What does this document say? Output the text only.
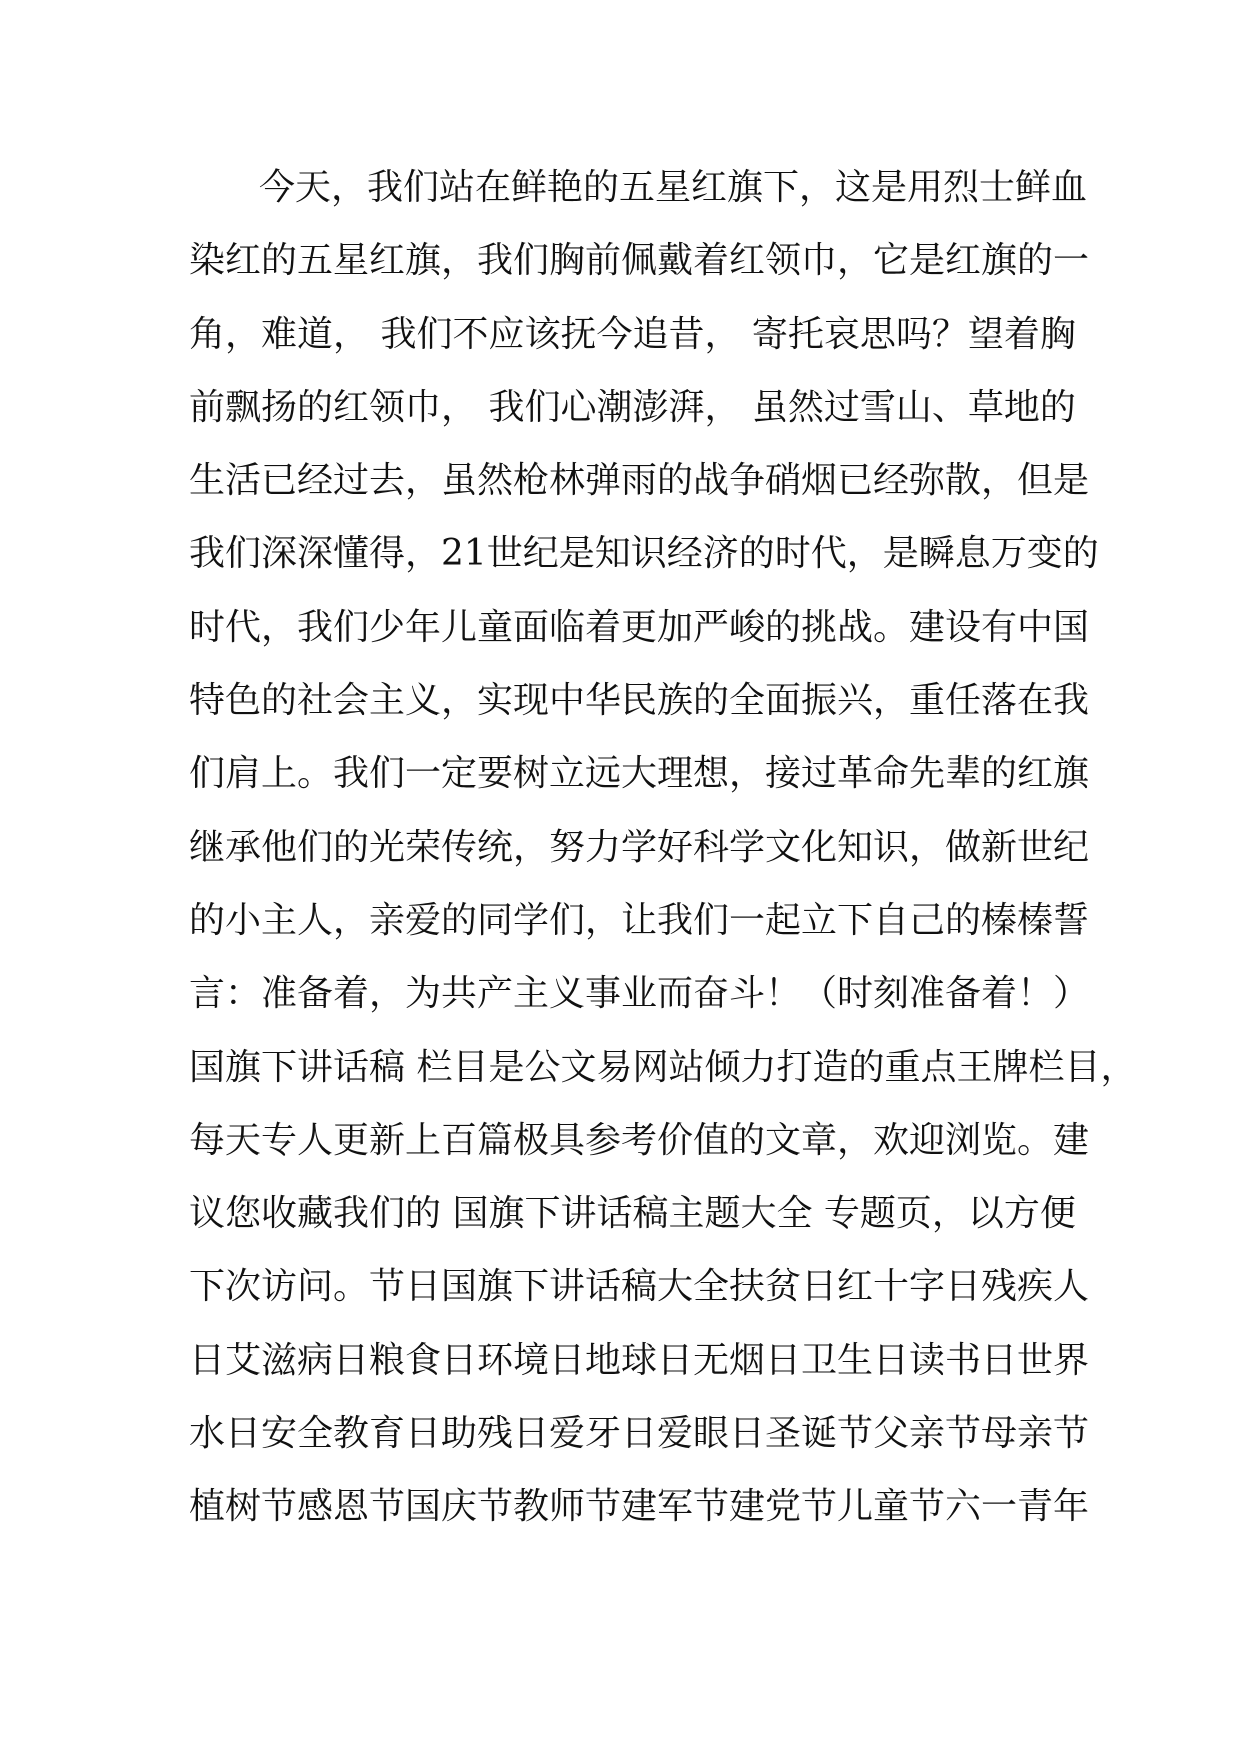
今天，我们站在鲜艳的五星红旗下，这是用烈士鲜血
染红的五星红旗，我们胸前佩戴着红领巾，它是红旗的一
角，难道， 我们不应该抚今追昔， 寄托哀思吗？望着胸
前飘扬的红领巾， 我们心潮澎湃， 虽然过雪山、草地的
生活已经过去，虽然枪林弹雨的战争硝烟已经弥散，但是
我们深深懂得，21世纪是知识经济的时代，是瞬息万变的
时代，我们少年儿童面临着更加严峻的挑战。建设有中国
特色的社会主义，实现中华民族的全面振兴，重任落在我
们肩上。我们一定要树立远大理想，接过革命先辈的红旗
继承他们的光荣传统，努力学好科学文化知识，做新世纪
的小主人，亲爱的同学们，让我们一起立下自己的榛榛誓
言：准备着，为共产主义事业而奋斗！（时刻准备着！）
国旗下讲话稿 栏目是公文易网站倾力打造的重点王牌栏目，
每天专人更新上百篇极具参考价值的文章，欢迎浏览。建
议您收藏我们的 国旗下讲话稿主题大全 专题页，以方便
下次访问。节日国旗下讲话稿大全扶贫日红十字日残疾人
日艾滋病日粮食日环境日地球日无烟日卫生日读书日世界
水日安全教育日助残日爱牙日爱眼日圣诞节父亲节母亲节
植树节感恩节国庆节教师节建军节建党节儿童节六一青年
